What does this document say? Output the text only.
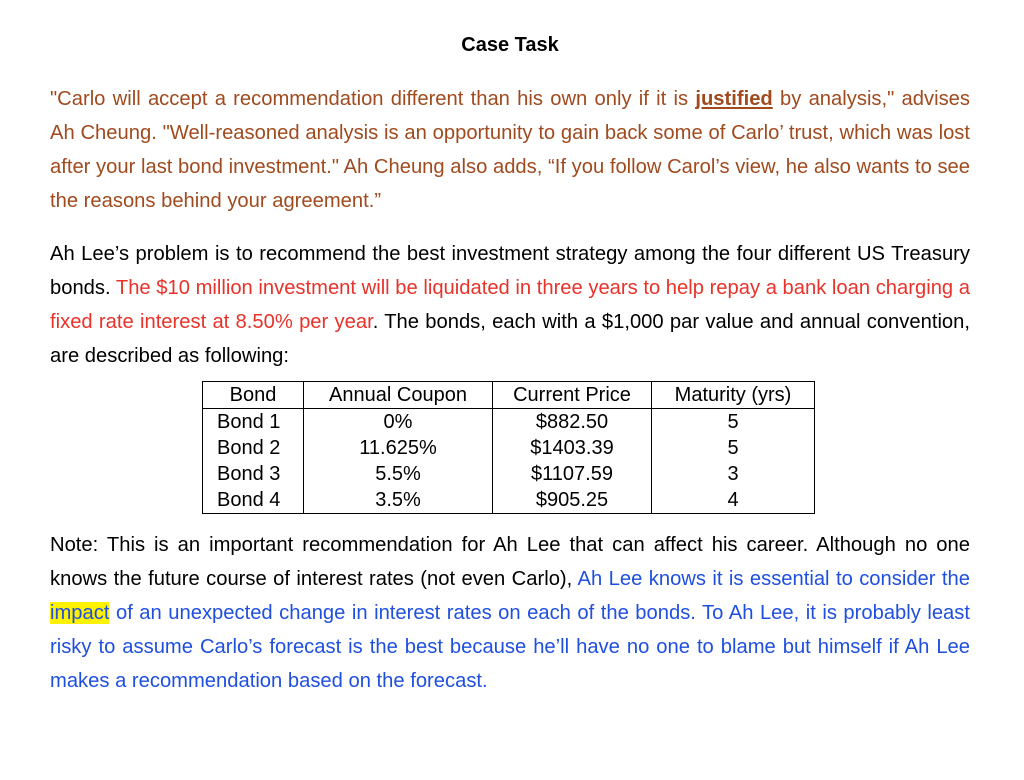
Case Task

"Carlo will accept a recommendation different than his own only if it is justified by analysis," advises Ah Cheung. "Well-reasoned analysis is an opportunity to gain back some of Carlo’ trust, which was lost after your last bond investment." Ah Cheung also adds, “If you follow Carol’s view, he also wants to see the reasons behind your agreement.”

Ah Lee’s problem is to recommend the best investment strategy among the four different US Treasury bonds. The $10 million investment will be liquidated in three years to help repay a bank loan charging a fixed rate interest at 8.50% per year. The bonds, each with a $1,000 par value and annual convention, are described as following:

Bond	Annual Coupon	Current Price	Maturity (yrs)
Bond 1	0%	$882.50	5
Bond 2	11.625%	$1403.39	5
Bond 3	5.5%	$1107.59	3
Bond 4	3.5%	$905.25	4

Note: This is an important recommendation for Ah Lee that can affect his career. Although no one knows the future course of interest rates (not even Carlo), Ah Lee knows it is essential to consider the impact of an unexpected change in interest rates on each of the bonds. To Ah Lee, it is probably least risky to assume Carlo’s forecast is the best because he’ll have no one to blame but himself if Ah Lee makes a recommendation based on the forecast.
